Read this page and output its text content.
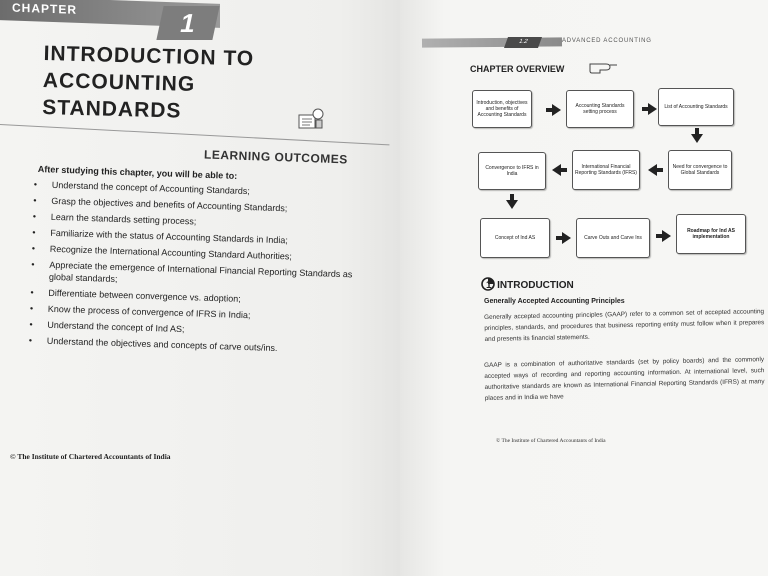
CHAPTER	1
INTRODUCTION TO
ACCOUNTING
STANDARDS
LEARNING OUTCOMES
After studying this chapter, you will be able to:
• Understand the concept of Accounting Standards;
• Grasp the objectives and benefits of Accounting Standards;
• Learn the standards setting process;
• Familiarize with the status of Accounting Standards in India;
• Recognize the International Accounting Standard Authorities;
• Appreciate the emergence of International Financial Reporting Standards as global standards;
• Differentiate between convergence vs. adoption;
• Know the process of convergence of IFRS in India;
• Understand the concept of Ind AS;
• Understand the objectives and concepts of carve outs/ins.
© The Institute of Chartered Accountants of India
1.2	ADVANCED ACCOUNTING
CHAPTER OVERVIEW
Introduction, objectives and benefits of Accounting Standards
Accounting Standards setting process
List of Accounting Standards
Need for convergence to Global Standards
International Financial Reporting Standards (IFRS)
Convergence to IFRS in India
Concept of Ind AS	Carve Outs and Carve Ins
Roadmap for Ind AS implementation
1. INTRODUCTION
Generally Accepted Accounting Principles
Generally accepted accounting principles (GAAP) refer to a common set of accepted accounting principles, standards, and procedures that business reporting entity must follow when it prepares and presents its financial statements.
GAAP is a combination of authoritative standards (set by policy boards) and the commonly accepted ways of recording and reporting accounting information. At international level, such authoritative standards are known as International Financial Reporting Standards (IFRS) at many places and in India we have
© The Institute of Chartered Accountants of India
